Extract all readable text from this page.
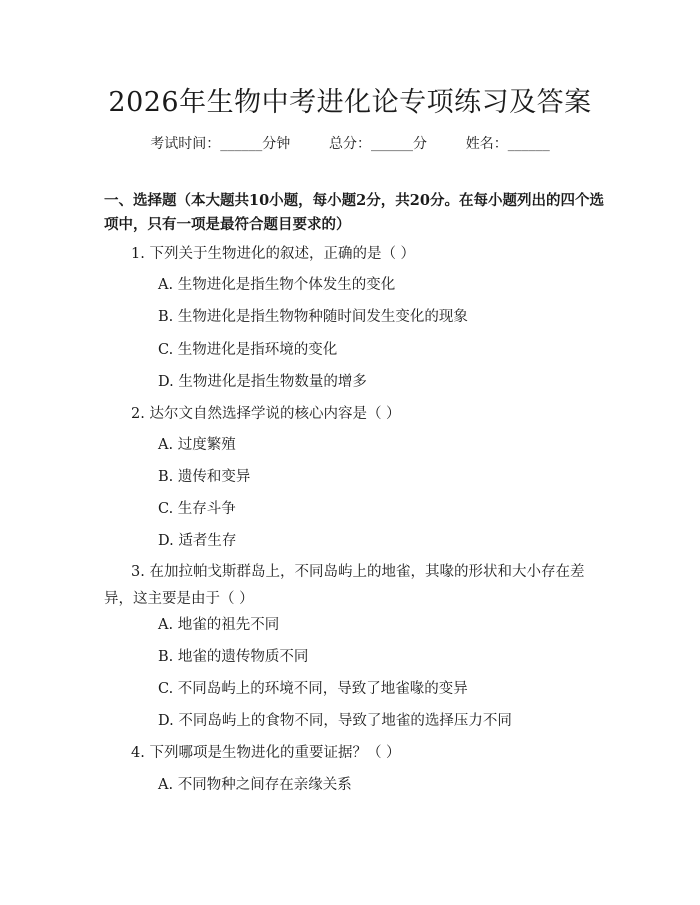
2026年生物中考进化论专项练习及答案
考试时间：______分钟      总分：______分      姓名：______
一、选择题（本大题共10小题，每小题2分，共20分。在每小题列出的四个选项中，只有一项是最符合题目要求的）
1. 下列关于生物进化的叙述，正确的是（ ）
A. 生物进化是指生物个体发生的变化
B. 生物进化是指生物物种随时间发生变化的现象
C. 生物进化是指环境的变化
D. 生物进化是指生物数量的增多
2. 达尔文自然选择学说的核心内容是（ ）
A. 过度繁殖
B. 遗传和变异
C. 生存斗争
D. 适者生存
3. 在加拉帕戈斯群岛上，不同岛屿上的地雀，其喙的形状和大小存在差异，这主要是由于（ ）
A. 地雀的祖先不同
B. 地雀的遗传物质不同
C. 不同岛屿上的环境不同，导致了地雀喙的变异
D. 不同岛屿上的食物不同，导致了地雀的选择压力不同
4. 下列哪项是生物进化的重要证据？（ ）
A. 不同物种之间存在亲缘关系
